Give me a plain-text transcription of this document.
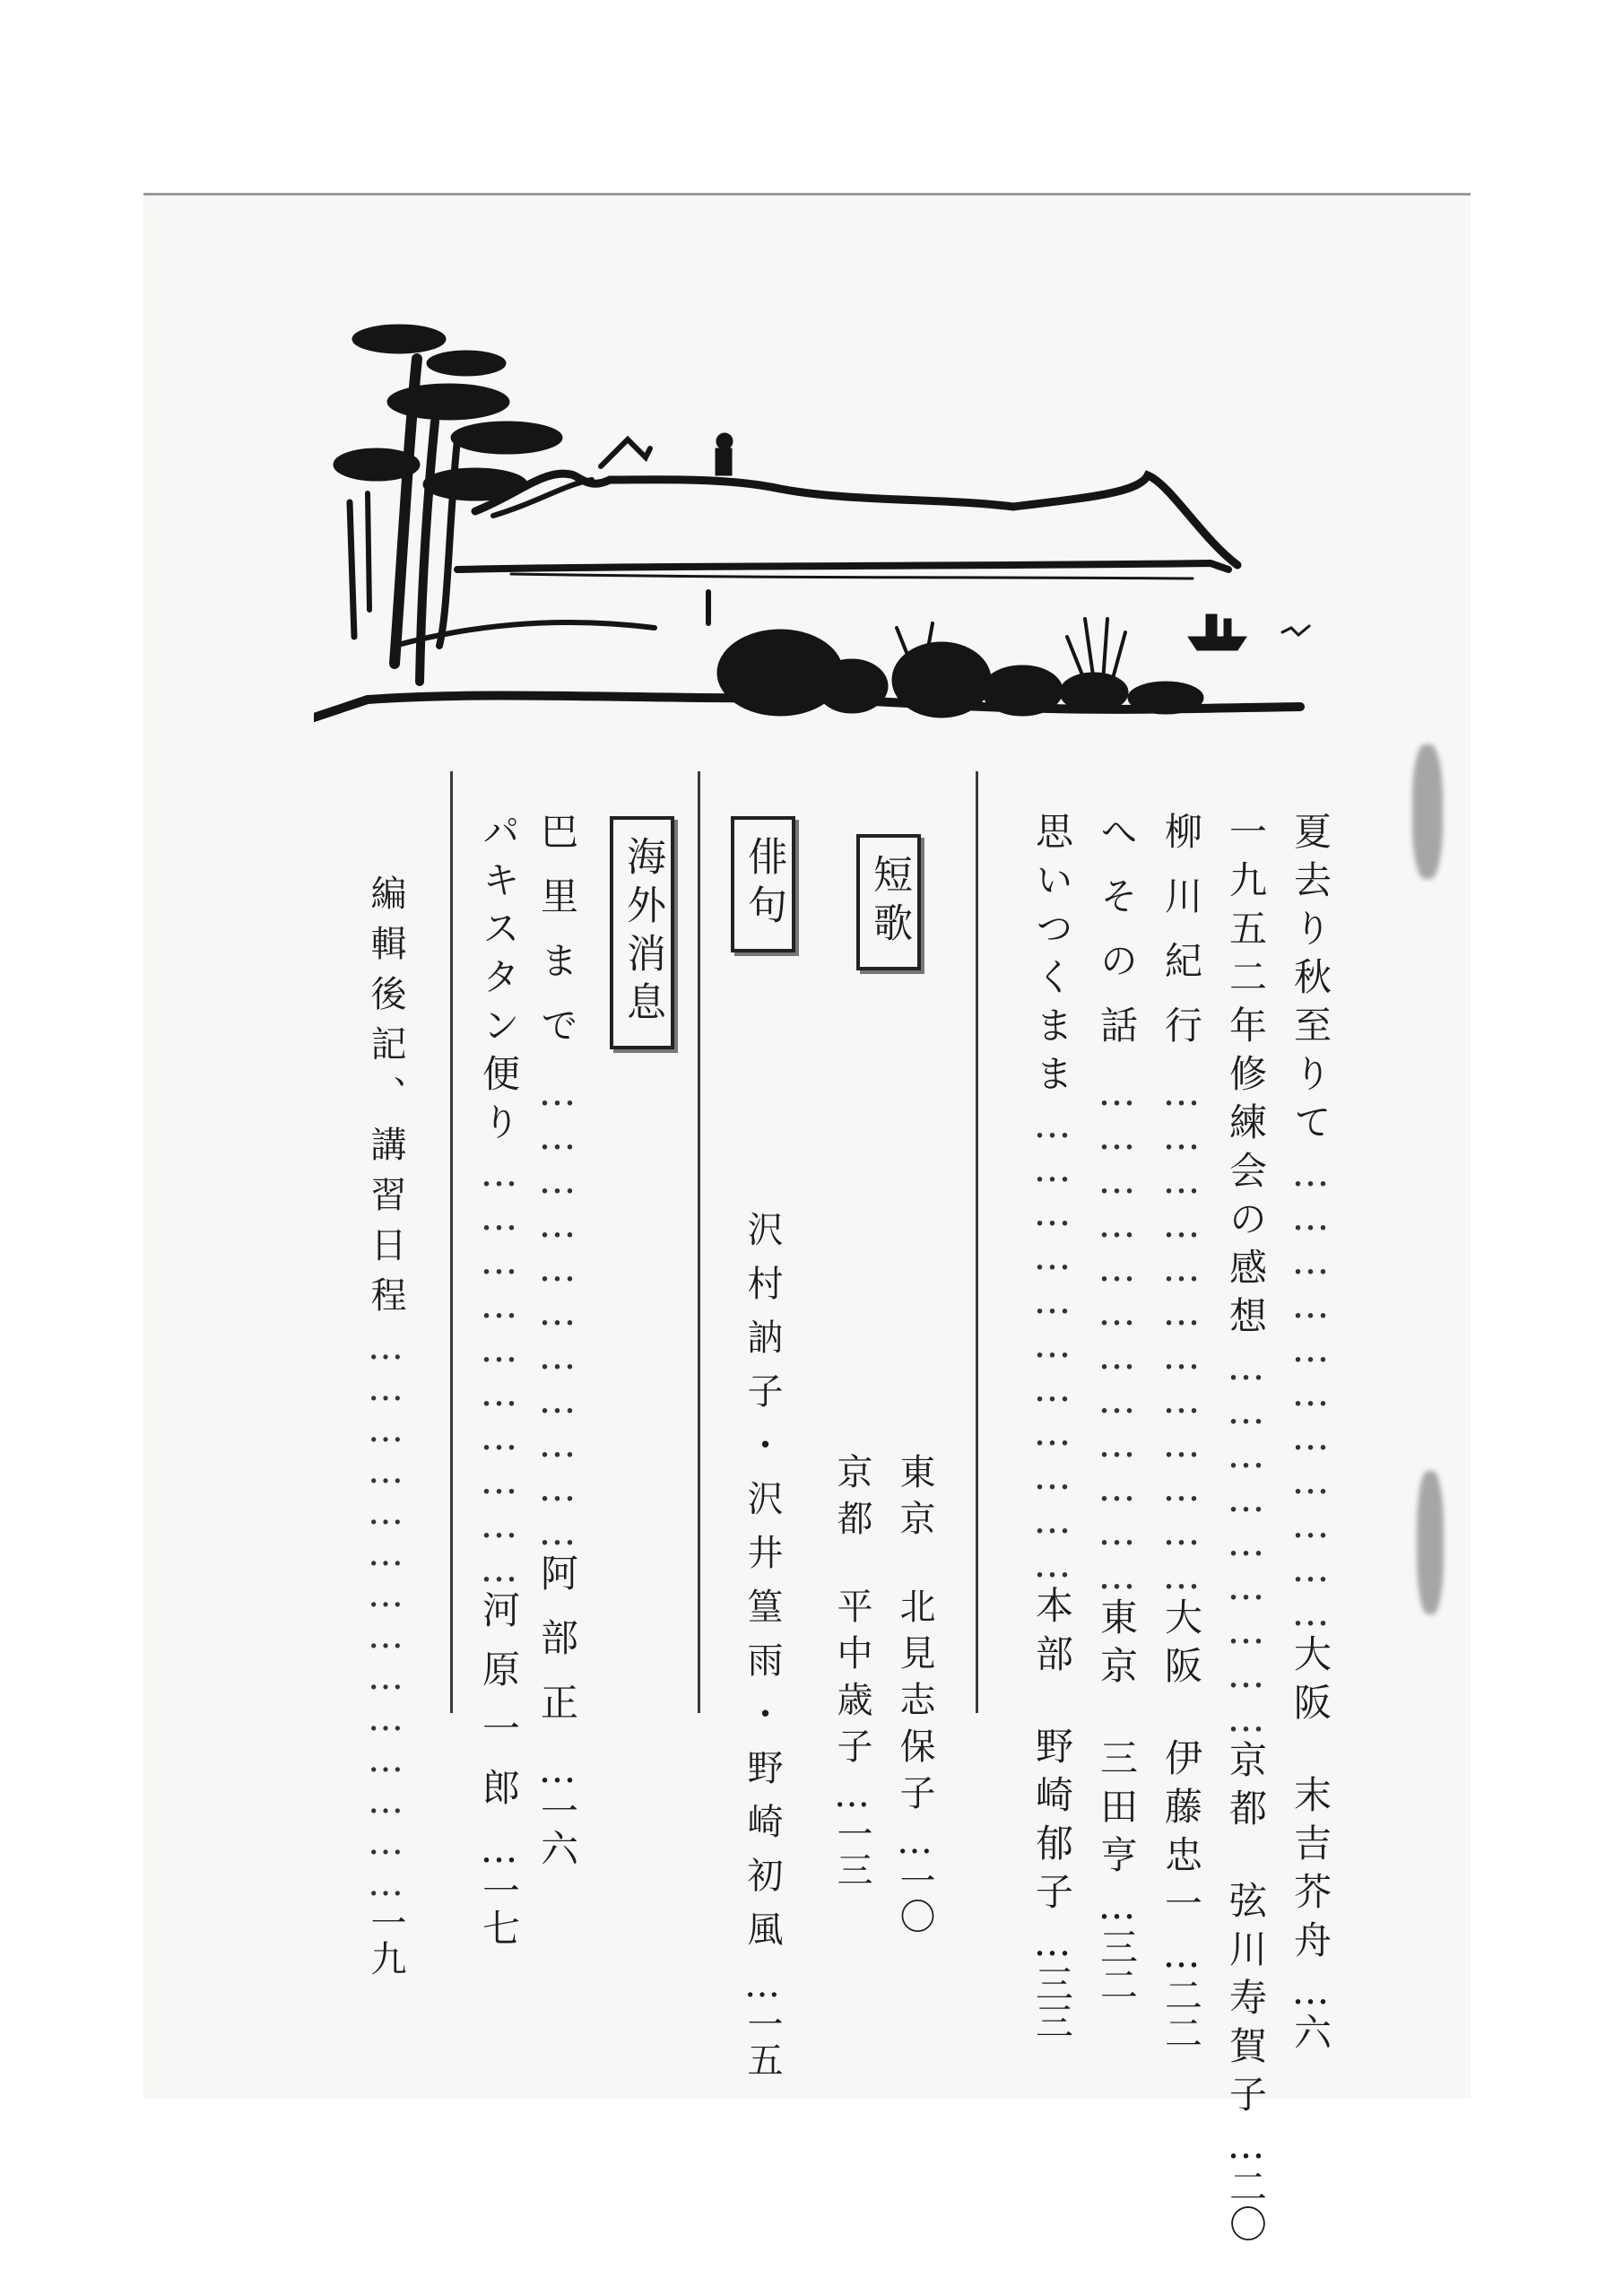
夏去り秋至りて……………………………大阪 末吉芥舟…六
一九五二年修練会の感想………………………京都 弦川寿賀子…二〇
柳川紀行………………………………大阪 伊藤忠一…二二
へその話………………………………東京 三田亨…三二
思いつくまま……………………………本部 野崎郁子…三三
短歌
東京 北見志保子…一〇
京都 平中歳子…一三
俳句
沢村訥子・沢井篁雨・野崎初風…一五
海外消息
巴里まで……………………………阿部正…一六
パキスタン便り…………………………河原一郎…一七
編輯後記、講習日程……………………………………一九
